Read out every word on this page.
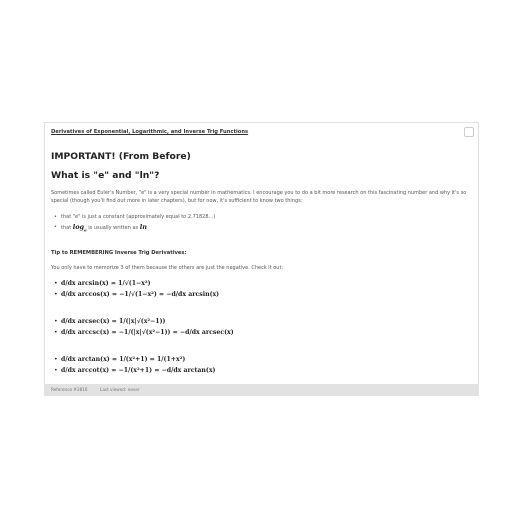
Derivatives of Exponential, Logarithmic, and Inverse Trig Functions
IMPORTANT! (From Before)
What is "e" and "ln"?
Sometimes called Euler's Number, "e" is a very special number in mathematics. I encourage you to do a bit more research on this fascinating number and why it's so special (though you'll find out more in later chapters), but for now, it's sufficient to know two things:
• that "e" is just a constant (approximately equal to 2.71828...)
• that $\log_e$ is usually written as ln
Tip to REMEMBERING Inverse Trig Derivatives:
You only have to memorize 3 of them because the others are just the negative. Check it out:
• d/dx arcsin(x) = 1/√(1−x²)
• d/dx arccos(x) = −1/√(1−x²) = −d/dx arcsin(x)
• d/dx arcsec(x) = 1/(|x|√(x²−1))
• d/dx arccsc(x) = −1/(|x|√(x²−1)) = −d/dx arcsec(x)
• d/dx arctan(x) = 1/(x²+1) = 1/(1+x²)
• d/dx arccot(x) = −1/(x²+1) = −d/dx arctan(x)
Reference #3816	Last viewed: never
